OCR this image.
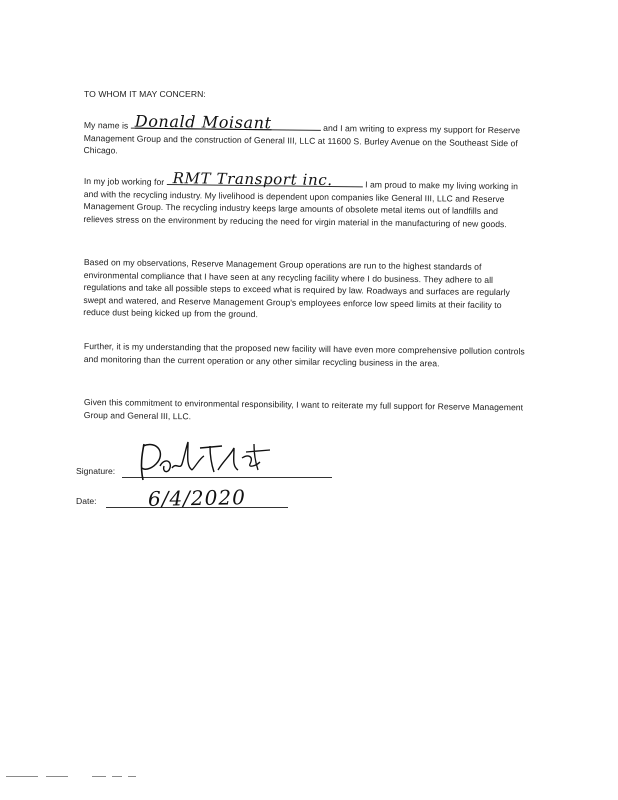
TO WHOM IT MAY CONCERN:
My name is Donald Moisant	and I am writing to express my support for Reserve Management Group and the construction of General III, LLC at 11600 S. Burley Avenue on the Southeast Side of Chicago.
In my job working for RMT Transport inc.	I am proud to make my living working in and with the recycling industry. My livelihood is dependent upon companies like General III, LLC and Reserve Management Group. The recycling industry keeps large amounts of obsolete metal items out of landfills and relieves stress on the environment by reducing the need for virgin material in the manufacturing of new goods.
Based on my observations, Reserve Management Group operations are run to the highest standards of environmental compliance that I have seen at any recycling facility where I do business. They adhere to all regulations and take all possible steps to exceed what is required by law. Roadways and surfaces are regularly swept and watered, and Reserve Management Group's employees enforce low speed limits at their facility to reduce dust being kicked up from the ground.
Further, it is my understanding that the proposed new facility will have even more comprehensive pollution controls and monitoring than the current operation or any other similar recycling business in the area.
Given this commitment to environmental responsibility, I want to reiterate my full support for Reserve Management Group and General III, LLC.
Signature:
Date:	6/4/2020
